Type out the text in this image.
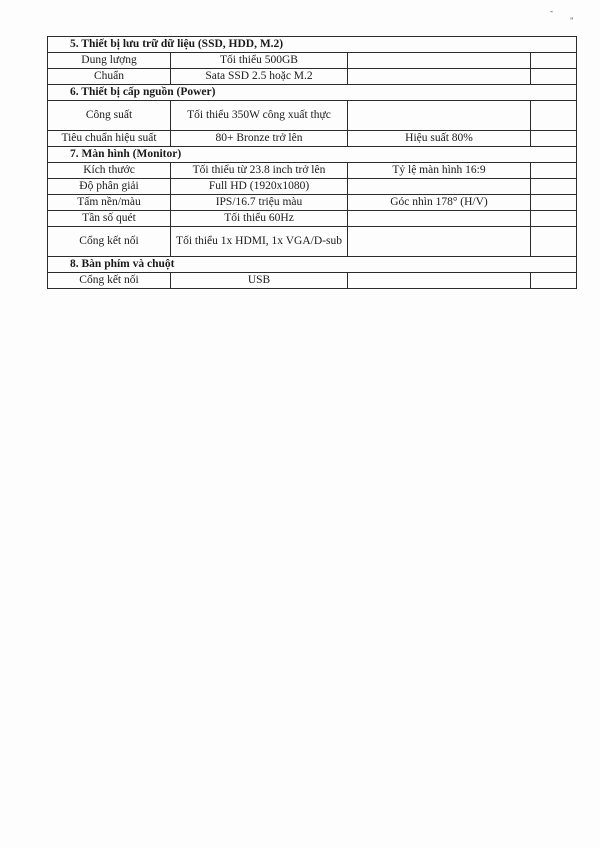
-
"
5. Thiết bị lưu trữ dữ liệu (SSD, HDD, M.2)			
Dung lượng	Tối thiểu 500GB		
Chuẩn	Sata SSD 2.5 hoặc M.2		
6. Thiết bị cấp nguồn (Power)			
Công suất	Tối thiểu 350W công xuất thực		
Tiêu chuẩn hiệu suất	80+ Bronze trở lên	Hiệu suất 80%	
7. Màn hình (Monitor)			
Kích thước	Tối thiểu từ 23.8 inch trở lên	Tỷ lệ màn hình 16:9	
Độ phân giải	Full HD (1920x1080)		
Tấm nền/màu	IPS/16.7 triệu màu	Góc nhìn 178° (H/V)	
Tần số quét	Tối thiểu 60Hz		
Cổng kết nối	Tối thiểu 1x HDMI, 1x VGA/D-sub		
8. Bàn phím và chuột			
Cổng kết nối	USB		
